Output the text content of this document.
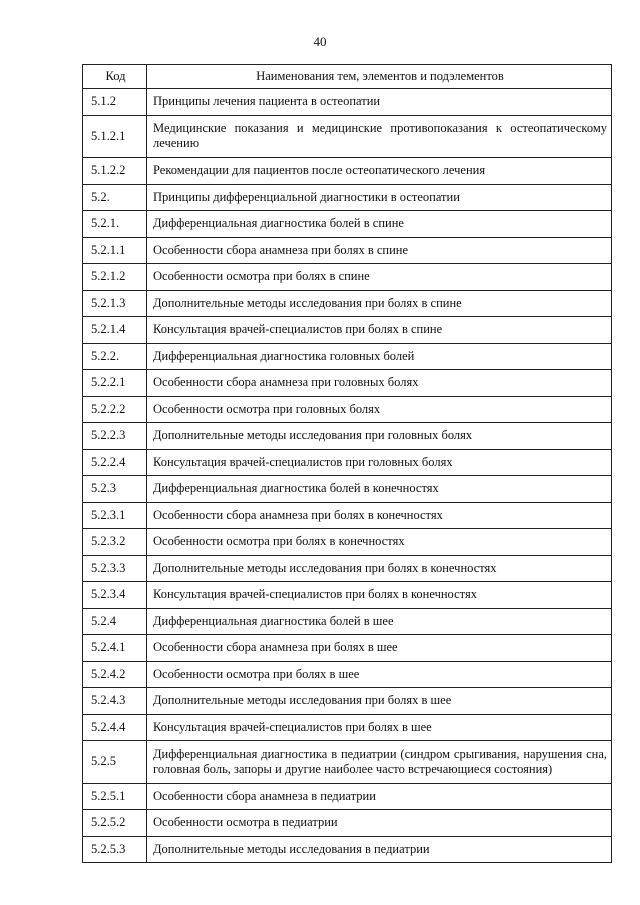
40
Код	Наименования тем, элементов и подэлементов
5.1.2	Принципы лечения пациента в остеопатии
5.1.2.1	Медицинские показания и медицинские противопоказания к остеопатическому лечению
5.1.2.2	Рекомендации для пациентов после остеопатического лечения
5.2.	Принципы дифференциальной диагностики в остеопатии
5.2.1.	Дифференциальная диагностика болей в спине
5.2.1.1	Особенности сбора анамнеза при болях в спине
5.2.1.2	Особенности осмотра при болях в спине
5.2.1.3	Дополнительные методы исследования при болях в спине
5.2.1.4	Консультация врачей-специалистов при болях в спине
5.2.2.	Дифференциальная диагностика головных болей
5.2.2.1	Особенности сбора анамнеза при головных болях
5.2.2.2	Особенности осмотра при головных болях
5.2.2.3	Дополнительные методы исследования при головных болях
5.2.2.4	Консультация врачей-специалистов при головных болях
5.2.3	Дифференциальная диагностика болей в конечностях
5.2.3.1	Особенности сбора анамнеза при болях в конечностях
5.2.3.2	Особенности осмотра при болях в конечностях
5.2.3.3	Дополнительные методы исследования при болях в конечностях
5.2.3.4	Консультация врачей-специалистов при болях в конечностях
5.2.4	Дифференциальная диагностика болей в шее
5.2.4.1	Особенности сбора анамнеза при болях в шее
5.2.4.2	Особенности осмотра при болях в шее
5.2.4.3	Дополнительные методы исследования при болях в шее
5.2.4.4	Консультация врачей-специалистов при болях в шее
5.2.5	Дифференциальная диагностика в педиатрии (синдром срыгивания, нарушения сна, головная боль, запоры и другие наиболее часто встречающиеся состояния)
5.2.5.1	Особенности сбора анамнеза в педиатрии
5.2.5.2	Особенности осмотра в педиатрии
5.2.5.3	Дополнительные методы исследования в педиатрии
